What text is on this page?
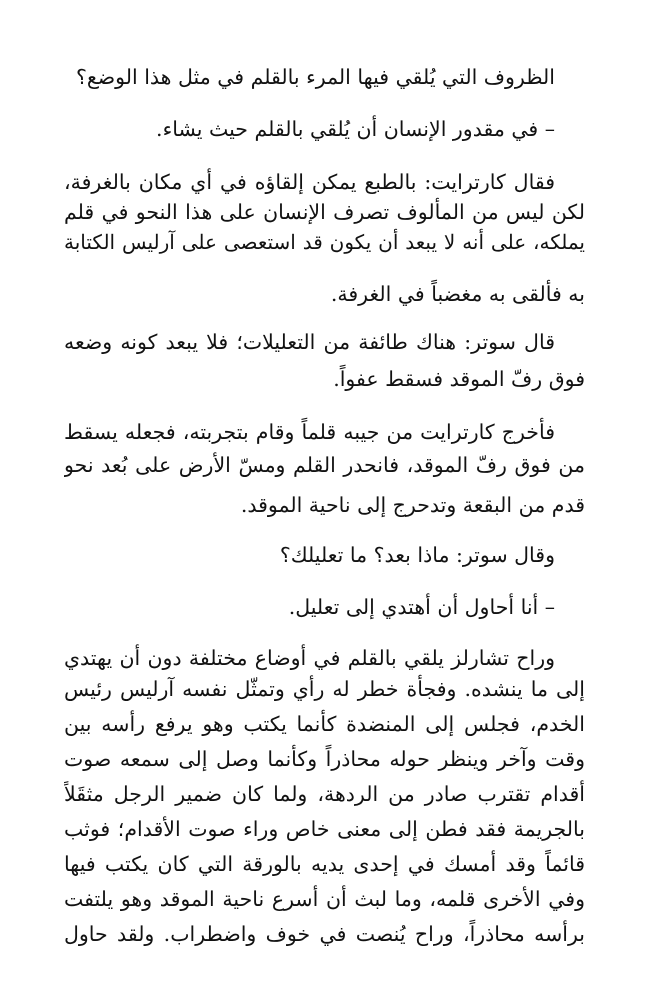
الظروف التي يُلقي فيها المرء بالقلم في مثل هذا الوضع؟
– في مقدور الإنسان أن يُلقي بالقلم حيث يشاء.
فقال كارترايت: بالطبع يمكن إلقاؤه في أي مكان بالغرفة،
لكن ليس من المألوف تصرف الإنسان على هذا النحو في قلم
يملكه، على أنه لا يبعد أن يكون قد استعصى على آرليس الكتابة
به فألقى به مغضباً في الغرفة.
قال سوتر: هناك طائفة من التعليلات؛ فلا يبعد كونه وضعه
فوق رفّ الموقد فسقط عفواً.
فأخرج كارترايت من جيبه قلماً وقام بتجربته، فجعله يسقط
من فوق رفّ الموقد، فانحدر القلم ومسّ الأرض على بُعد نحو
قدم من البقعة وتدحرج إلى ناحية الموقد.
وقال سوتر: ماذا بعد؟ ما تعليلك؟
– أنا أحاول أن أهتدي إلى تعليل.
وراح تشارلز يلقي بالقلم في أوضاع مختلفة دون أن يهتدي
إلى ما ينشده. وفجأة خطر له رأي وتمثّل نفسه آرليس رئيس
الخدم، فجلس إلى المنضدة كأنما يكتب وهو يرفع رأسه بين
وقت وآخر وينظر حوله محاذراً وكأنما وصل إلى سمعه صوت
أقدام تقترب صادر من الردهة، ولما كان ضمير الرجل مثقَلاً
بالجريمة فقد فطن إلى معنى خاص وراء صوت الأقدام؛ فوثب
قائماً وقد أمسك في إحدى يديه بالورقة التي كان يكتب فيها
وفي الأخرى قلمه، وما لبث أن أسرع ناحية الموقد وهو يلتفت
برأسه محاذراً، وراح يُنصت في خوف واضطراب. ولقد حاول
